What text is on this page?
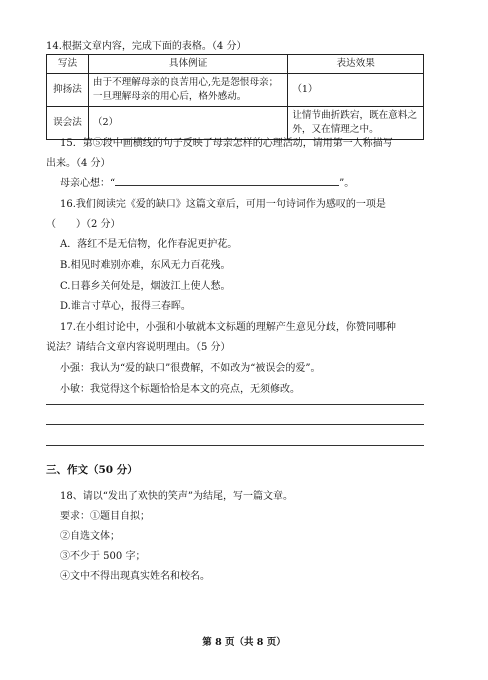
14.根据文章内容，完成下面的表格。（4 分）
写法	具体例证	表达效果
抑扬法	由于不理解母亲的良苦用心,先是怨恨母亲；一旦理解母亲的用心后，格外感动。	（1）
误会法	（2）	让情节曲折跌宕，既在意料之外，又在情理之中。
15．第⑤段中画横线的句子反映了母亲怎样的心理活动，请用第一人称描写
出来。（4 分）
母亲心想：“	”。
16.我们阅读完《爱的缺口》这篇文章后，可用一句诗词作为感叹的一项是
（　　）（2 分）
A．落红不是无信物，化作春泥更护花。
B.相见时难别亦难，东风无力百花残。
C.日暮乡关何处是，烟波江上使人愁。
D.谁言寸草心，报得三春晖。
17.在小组讨论中，小强和小敏就本文标题的理解产生意见分歧，你赞同哪种
说法？请结合文章内容说明理由。（5 分）
小强：我认为“爱的缺口”很费解，不如改为“被误会的爱”。
小敏：我觉得这个标题恰恰是本文的亮点，无须修改。
三、作文（50 分）
18、请以“发出了欢快的笑声”为结尾，写一篇文章。
要求：①题目自拟；
②自选文体；
③不少于 500 字；
④文中不得出现真实姓名和校名。
第 8 页（共 8 页）
